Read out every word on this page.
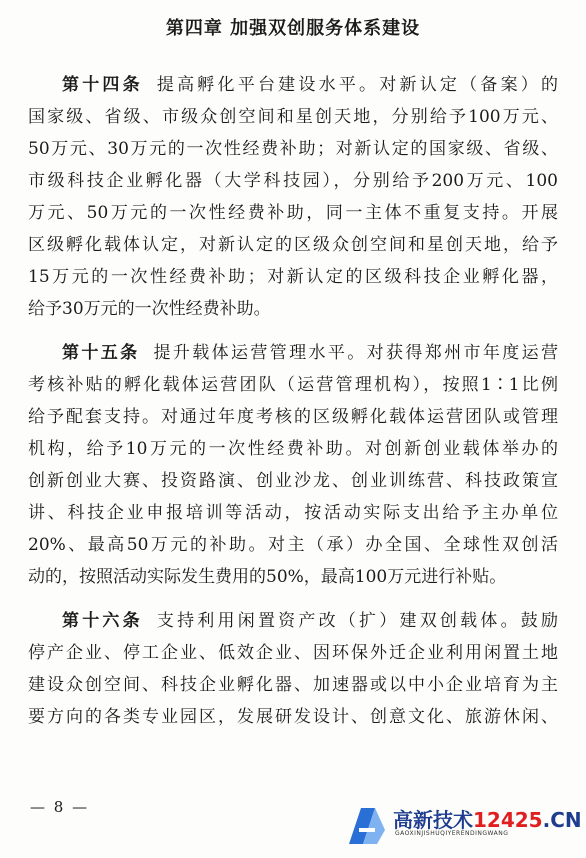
第四章 加强双创服务体系建设
第十四条 提高孵化平台建设水平。对新认定（备案）的
国家级、省级、市级众创空间和星创天地，分别给予100万元、
50万元、30万元的一次性经费补助；对新认定的国家级、省级、
市级科技企业孵化器（大学科技园），分别给予200万元、100
万元、50万元的一次性经费补助，同一主体不重复支持。开展
区级孵化载体认定，对新认定的区级众创空间和星创天地，给予
15万元的一次性经费补助；对新认定的区级科技企业孵化器，
给予30万元的一次性经费补助。
第十五条 提升载体运营管理水平。对获得郑州市年度运营
考核补贴的孵化载体运营团队（运营管理机构），按照1∶1比例
给予配套支持。对通过年度考核的区级孵化载体运营团队或管理
机构，给予10万元的一次性经费补助。对创新创业载体举办的
创新创业大赛、投资路演、创业沙龙、创业训练营、科技政策宣
讲、科技企业申报培训等活动，按活动实际支出给予主办单位
20%、最高50万元的补助。对主（承）办全国、全球性双创活
动的，按照活动实际发生费用的50%，最高100万元进行补贴。
第十六条 支持利用闲置资产改（扩）建双创载体。鼓励
停产企业、停工企业、低效企业、因环保外迁企业利用闲置土地
建设众创空间、科技企业孵化器、加速器或以中小企业培育为主
要方向的各类专业园区，发展研发设计、创意文化、旅游休闲、
— 8 —
高新技术12425.CN
GAOXINJISHUQIYERENDINGWANG
